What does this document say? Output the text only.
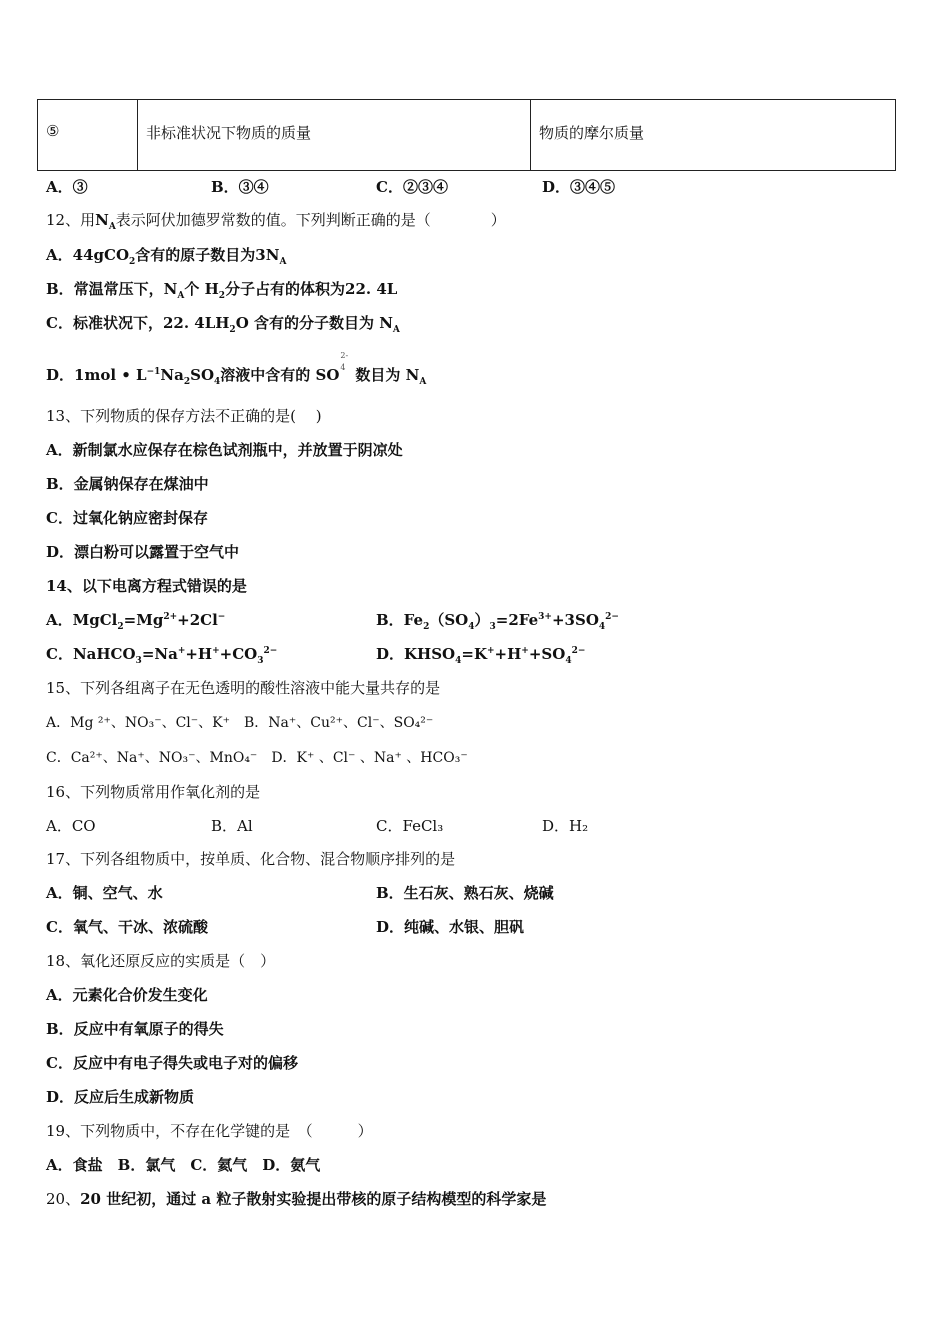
⑤	非标准状况下物质的质量	物质的摩尔质量
A．③	B．③④	C．②③④	D．③④⑤
12、用$N_A$表示阿伏加德罗常数的值。下列判断正确的是（　　　　）
A．44gCO$_2$含有的原子数目为$3N_A$
B．常温常压下，$N_A$个 $H_2$分子占有的体积为22. 4L
C．标准状况下，22. $4LH_2O$ 含有的分子数目为 $N_A$
D．1mol • $L^{-1}Na_2SO_4$溶液中含有的 SO
2-
4 数目为 $N_A$
13、下列物质的保存方法不正确的是(　 )
A．新制氯水应保存在棕色试剂瓶中，并放置于阴凉处
B．金属钠保存在煤油中
C．过氧化钠应密封保存
D．漂白粉可以露置于空气中
14、以下电离方程式错误的是
A．$MgCl_2=Mg^{2+}+2Cl^-$	B．$Fe_2(SO_4)_3=2Fe^{3+}+3SO_4^{2-}$
C．$NaHCO_3=Na^++H^++CO_3^{2-}$	D．$KHSO_4=K^++H^++SO_4^{2-}$
15、下列各组离子在无色透明的酸性溶液中能大量共存的是
A．Mg ²⁺、NO₃⁻、Cl⁻、K⁺　B．Na⁺、Cu²⁺、Cl⁻、SO₄²⁻
C．Ca²⁺、Na⁺、NO₃⁻、MnO₄⁻　D．K⁺ 、Cl⁻ 、Na⁺ 、HCO₃⁻
16、下列物质常用作氧化剂的是
A．CO	B．Al	C．FeCl₃	D．H₂
17、下列各组物质中，按单质、化合物、混合物顺序排列的是
A．铜、空气、水	B．生石灰、熟石灰、烧碱
C．氧气、干冰、浓硫酸	D．纯碱、水银、胆矾
18、氧化还原反应的实质是（　）
A．元素化合价发生变化
B．反应中有氧原子的得失
C．反应中有电子得失或电子对的偏移
D．反应后生成新物质
19、下列物质中，不存在化学键的是　（　　　）
A．食盐　B．氯气　C．氦气　D．氨气
20、20 世纪初，通过 a 粒子散射实验提出带核的原子结构模型的科学家是
